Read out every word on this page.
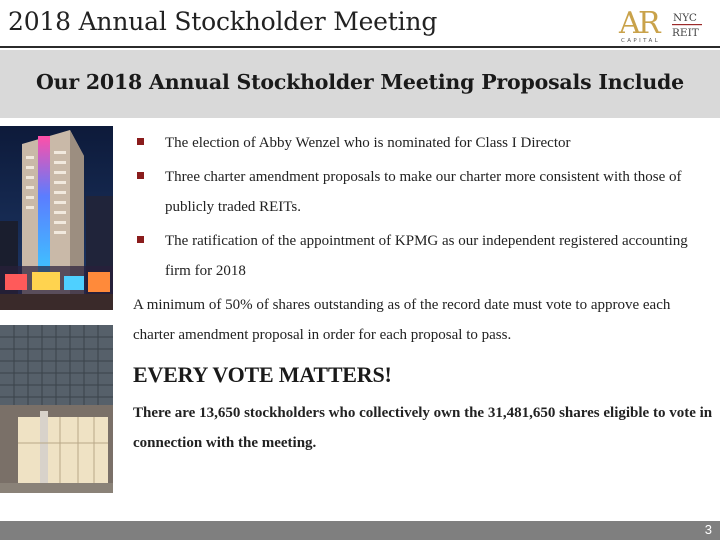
2018 Annual Stockholder Meeting	A
R
CAPITAL
NYC
REIT
Our 2018 Annual Stockholder Meeting Proposals Include
The election of Abby Wenzel who is nominated for Class I Director
Three charter amendment proposals to make our charter more consistent with those of publicly traded REITs.
The ratification of the appointment of KPMG as our independent registered accounting firm for 2018

A minimum of 50% of shares outstanding as of the record date must vote to approve each charter amendment proposal in order for each proposal to pass.

EVERY VOTE MATTERS!

There are 13,650 stockholders who collectively own the 31,481,650 shares eligible to vote in connection with the meeting.

3
